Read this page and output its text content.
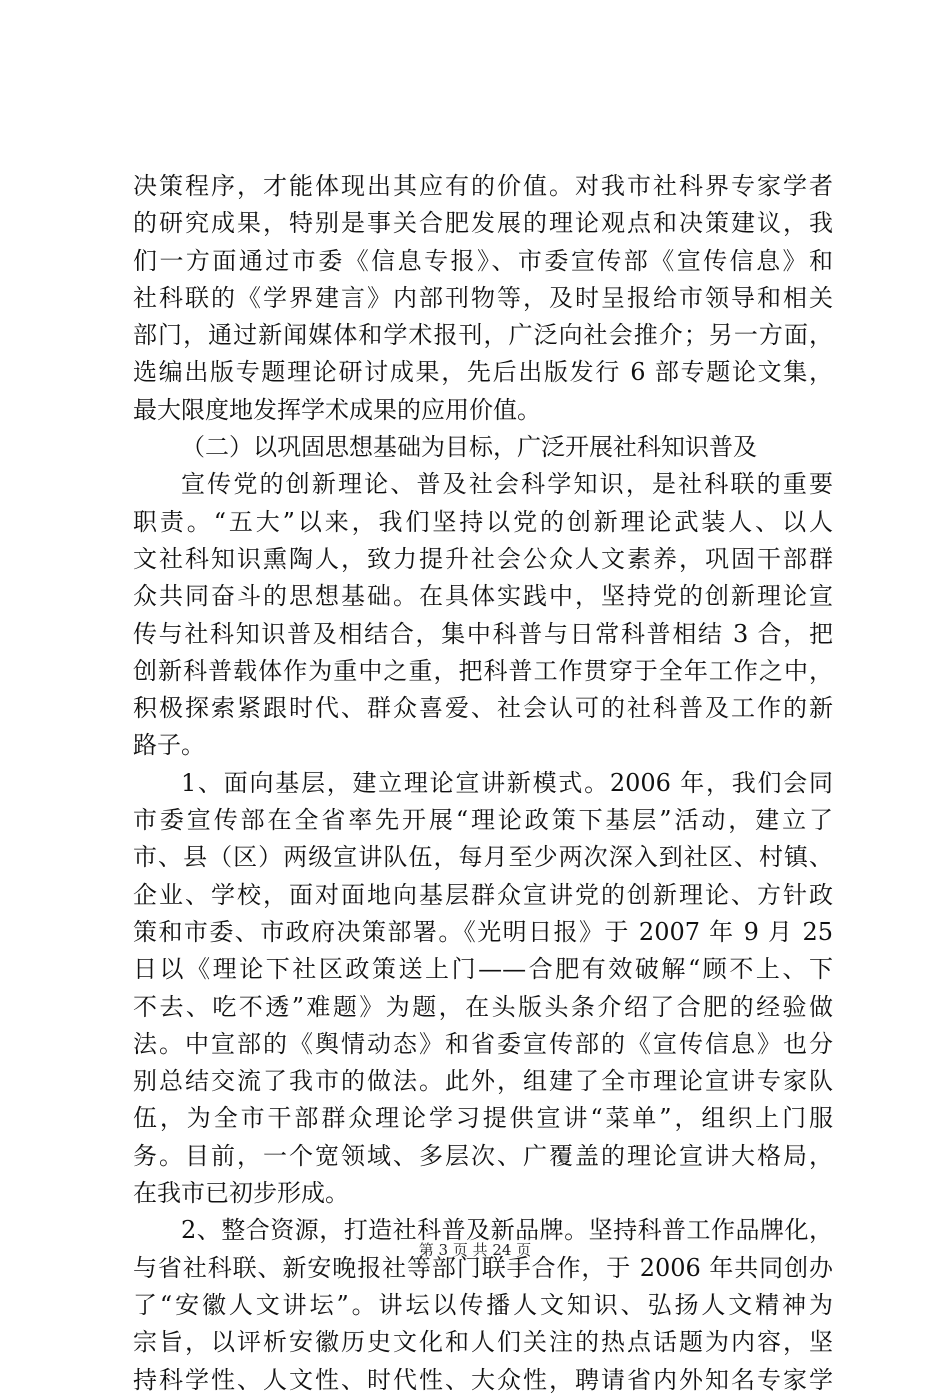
决策程序，才能体现出其应有的价值。对我市社科界专家学者
的研究成果，特别是事关合肥发展的理论观点和决策建议，我
们一方面通过市委《信息专报》、市委宣传部《宣传信息》和
社科联的《学界建言》内部刊物等，及时呈报给市领导和相关
部门，通过新闻媒体和学术报刊，广泛向社会推介；另一方面，
选编出版专题理论研讨成果，先后出版发行 6 部专题论文集，
最大限度地发挥学术成果的应用价值。
（二）以巩固思想基础为目标，广泛开展社科知识普及
宣传党的创新理论、普及社会科学知识，是社科联的重要
职责。“五大”以来，我们坚持以党的创新理论武装人、以人
文社科知识熏陶人，致力提升社会公众人文素养，巩固干部群
众共同奋斗的思想基础。在具体实践中，坚持党的创新理论宣
传与社科知识普及相结合，集中科普与日常科普相结 3 合，把
创新科普载体作为重中之重，把科普工作贯穿于全年工作之中，
积极探索紧跟时代、群众喜爱、社会认可的社科普及工作的新
路子。
1、面向基层，建立理论宣讲新模式。2006 年，我们会同
市委宣传部在全省率先开展“理论政策下基层”活动，建立了
市、县（区）两级宣讲队伍，每月至少两次深入到社区、村镇、
企业、学校，面对面地向基层群众宣讲党的创新理论、方针政
策和市委、市政府决策部署。《光明日报》于 2007 年 9 月 25
日以《理论下社区政策送上门——合肥有效破解“顾不上、下
不去、吃不透”难题》为题，在头版头条介绍了合肥的经验做
法。中宣部的《舆情动态》和省委宣传部的《宣传信息》也分
别总结交流了我市的做法。此外，组建了全市理论宣讲专家队
伍，为全市干部群众理论学习提供宣讲“菜单”，组织上门服
务。目前，一个宽领域、多层次、广覆盖的理论宣讲大格局，
在我市已初步形成。
2、整合资源，打造社科普及新品牌。坚持科普工作品牌化，
与省社科联、新安晚报社等部门联手合作，于 2006 年共同创办
了“安徽人文讲坛”。讲坛以传播人文知识、弘扬人文精神为
宗旨，以评析安徽历史文化和人们关注的热点话题为内容，坚
持科学性、人文性、时代性、大众性，聘请省内外知名专家学
第 3 页 共 24 页
